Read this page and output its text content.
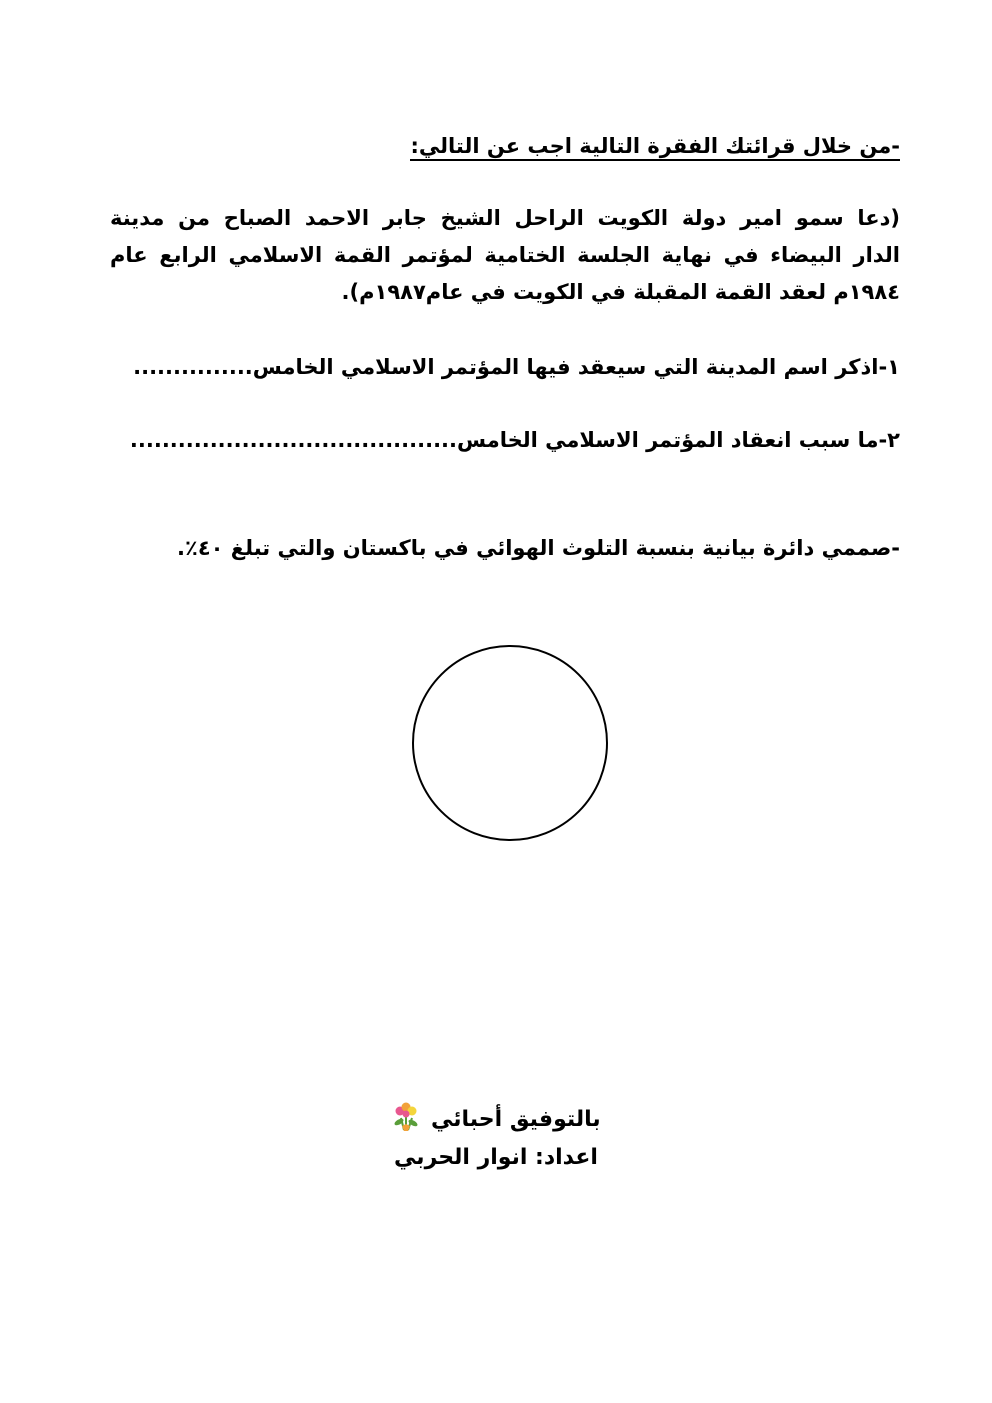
-من خلال قرائتك الفقرة التالية اجب عن التالي:
(دعا سمو امير دولة الكويت الراحل الشيخ جابر الاحمد الصباح من مدينة
الدار البيضاء في نهاية الجلسة الختامية لمؤتمر القمة الاسلامي الرابع عام
١٩٨٤م لعقد القمة المقبلة في الكويت في عام١٩٨٧م).
١-اذكر اسم المدينة التي سيعقد فيها المؤتمر الاسلامي الخامس...............
٢-ما سبب انعقاد المؤتمر الاسلامي الخامس.........................................
-صممي دائرة بيانية بنسبة التلوث الهوائي في باكستان والتي تبلغ ٤٠٪.
بالتوفيق أحبائي
اعداد: انوار الحربي
